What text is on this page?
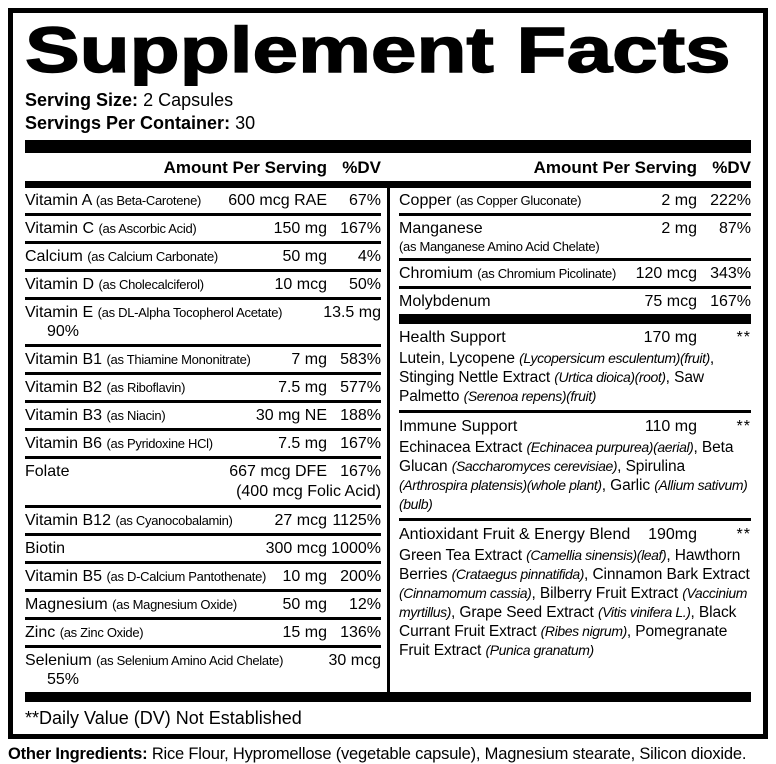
Supplement Facts
Serving Size: 2 Capsules
Servings Per Container: 30
Amount Per Serving %DV	Amount Per Serving %DV
Vitamin A (as Beta-Carotene) 600 mcg RAE	67%
Vitamin C (as Ascorbic Acid)	150 mg 167%
Calcium (as Calcium Carbonate)	50 mg	4%
Vitamin D (as Cholecalciferol)	10 mcg	50%
Vitamin E (as DL-Alpha Tocopherol Acetate)	13.5 mg
90%
Vitamin B1 (as Thiamine Mononitrate)	7 mg 583%
Vitamin B2 (as Riboflavin)	7.5 mg 577%
Vitamin B3 (as Niacin)	30 mg NE 188%
Vitamin B6 (as Pyridoxine HCl)	7.5 mg 167%
Folate	667 mcg DFE 167%
(400 mcg Folic Acid)
Vitamin B12 (as Cyanocobalamin)	27 mcg 1125%
Biotin	300 mcg 1000%
Vitamin B5 (as D-Calcium Pantothenate) 10 mg 200%
Magnesium (as Magnesium Oxide)	50 mg	12%
Zinc (as Zinc Oxide)	15 mg 136%
Selenium (as Selenium Amino Acid Chelate)	30 mcg
55%
Copper (as Copper Gluconate)	2 mg 222%
Manganese	2 mg	87%
(as Manganese Amino Acid Chelate)
Chromium (as Chromium Picolinate) 120 mcg 343%
Molybdenum	75 mcg 167%
Health Support	170 mg	**
Lutein, Lycopene (Lycopersicum esculentum)(fruit), Stinging Nettle Extract (Urtica dioica)(root), Saw Palmetto (Serenoa repens)(fruit)
Immune Support	110 mg	**
Echinacea Extract (Echinacea purpurea)(aerial), Beta Glucan (Saccharomyces cerevisiae), Spirulina (Arthrospira platensis)(whole plant), Garlic (Allium sativum)(bulb)
Antioxidant Fruit & Energy Blend 190mg	**
Green Tea Extract (Camellia sinensis)(leaf), Hawthorn Berries (Crataegus pinnatifida), Cinnamon Bark Extract (Cinnamomum cassia), Bilberry Fruit Extract (Vaccinium myrtillus), Grape Seed Extract (Vitis vinifera L.), Black Currant Fruit Extract (Ribes nigrum), Pomegranate Fruit Extract (Punica granatum)
**Daily Value (DV) Not Established
Other Ingredients: Rice Flour, Hypromellose (vegetable capsule), Magnesium stearate, Silicon dioxide.
